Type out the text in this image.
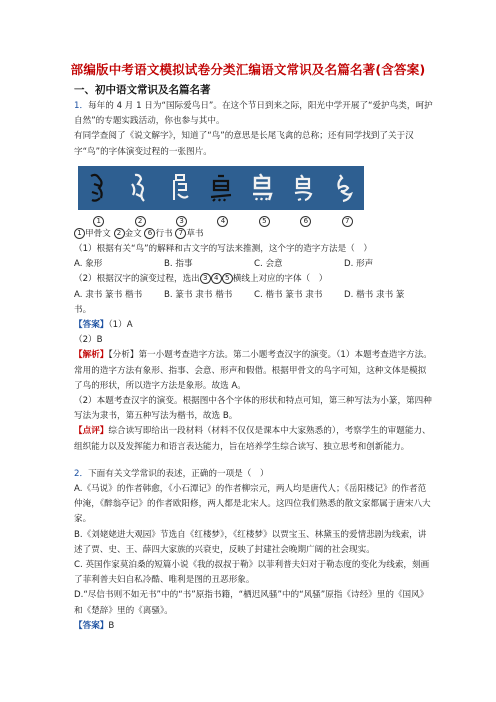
部编版中考语文模拟试卷分类汇编语文常识及名篇名著(含答案)
一、初中语文常识及名篇名著

1．每年的 4 月 1 日为“国际爱鸟日”。在这个节日到来之际，阳光中学开展了“爱护鸟类，呵护自然”的专题实践活动，你也参与其中。

有同学查阅了《说文解字》，知道了“鸟”的意思是长尾飞禽的总称；还有同学找到了关于汉字“鸟”的字体演变过程的一张图片。

1	2	3	4	5	6	7

1 甲骨文 2 金文 6 行书 7 草书

（1）根据有关“鸟”的解释和古文字的写法来推测，这个字的造字方法是（　）

A. 象形	B. 指事	C. 会意	D. 形声

（2）根据汉字的演变过程，选出 3 4 5 横线上对应的字体（　）

A. 隶书 篆书 楷书	B. 篆书 隶书 楷书	C. 楷书 篆书 隶书	D. 楷书 隶书 篆

书。

【答案】（1）A

（2）B

【解析】【分析】第一小题考查造字方法。第二小题考查汉字的演变。（1）本题考查造字方法。常用的造字方法有象形、指事、会意、形声和假借。根据甲骨文的鸟字可知，这种文体是模拟了鸟的形状，所以造字方法是象形。故选 A。

（2）本题考查汉字的演变。根据图中各个字体的形状和特点可知，第三种写法为小篆，第四种写法为隶书，第五种写法为楷书，故选 B。

【点评】综合读写即给出一段材料（材料不仅仅是课本中大家熟悉的），考察学生的审题能力、组织能力以及发挥能力和语言表达能力，旨在培养学生综合读写、独立思考和创新能力。

2．下面有关文学常识的表述，正确的一项是（　）

A.《马说》的作者韩愈，《小石潭记》的作者柳宗元，两人均是唐代人；《岳阳楼记》的作者范仲淹，《醉翁亭记》的作者欧阳修，两人都是北宋人。这四位我们熟悉的散文家都属于唐宋八大家。

B.《刘姥姥进大观园》节选自《红楼梦》，《红楼梦》以贾宝玉、林黛玉的爱情悲剧为线索，讲述了贾、史、王、薛四大家族的兴衰史，反映了封建社会晚期广阔的社会现实。

C. 英国作家莫泊桑的短篇小说《我的叔叔于勒》以菲利普夫妇对于勒态度的变化为线索，刻画了菲利普夫妇自私冷酷、唯利是图的丑恶形象。

D.“尽信书则不如无书”中的“书”原指书籍，“栖迟风骚”中的“风骚”原指《诗经》里的《国风》和《楚辞》里的《离骚》。

【答案】B
